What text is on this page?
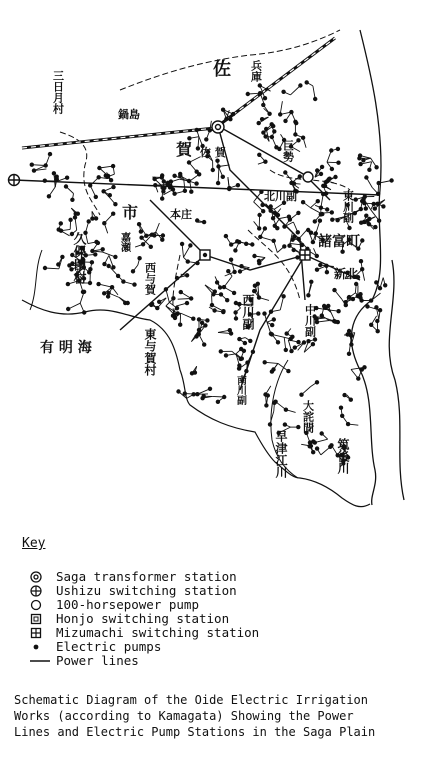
佐
賀 佐 賀
兵庫
鍋島
三日月村
巨勢
市	本庄
嘉瀬
西与賀
久保田村
有 明 海	東与賀村
北川副	東川副
諸富町
新北
中川副
西川副
南川副
大詫間
早津江川	筑後川
Key
Saga transformer station
Ushizu switching station
100-horsepower pump
Honjo switching station
Mizumachi switching station
Electric pumps
Power lines
Schematic Diagram of the Oide Electric Irrigation
Works (according to Kamagata) Showing the Power
Lines and Electric Pump Stations in the Saga Plain
